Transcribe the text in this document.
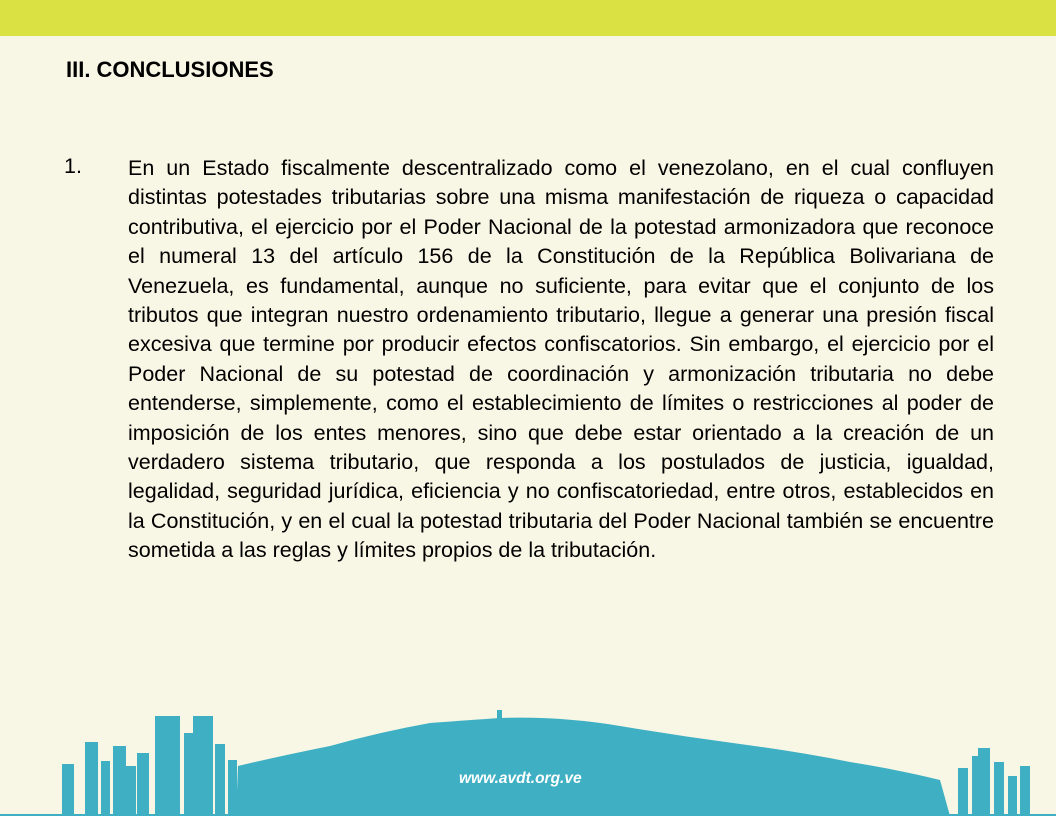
III. CONCLUSIONES
1. En un Estado fiscalmente descentralizado como el venezolano, en el cual confluyen distintas potestades tributarias sobre una misma manifestación de riqueza o capacidad contributiva, el ejercicio por el Poder Nacional de la potestad armonizadora que reconoce el numeral 13 del artículo 156 de la Constitución de la República Bolivariana de Venezuela, es fundamental, aunque no suficiente, para evitar que el conjunto de los tributos que integran nuestro ordenamiento tributario, llegue a generar una presión fiscal excesiva que termine por producir efectos confiscatorios. Sin embargo, el ejercicio por el Poder Nacional de su potestad de coordinación y armonización tributaria no debe entenderse, simplemente, como el establecimiento de límites o restricciones al poder de imposición de los entes menores, sino que debe estar orientado a la creación de un verdadero sistema tributario, que responda a los postulados de justicia, igualdad, legalidad, seguridad jurídica, eficiencia y no confiscatoriedad, entre otros, establecidos en la Constitución, y en el cual la potestad tributaria del Poder Nacional también se encuentre sometida a las reglas y límites propios de la tributación.

www.avdt.org.ve
